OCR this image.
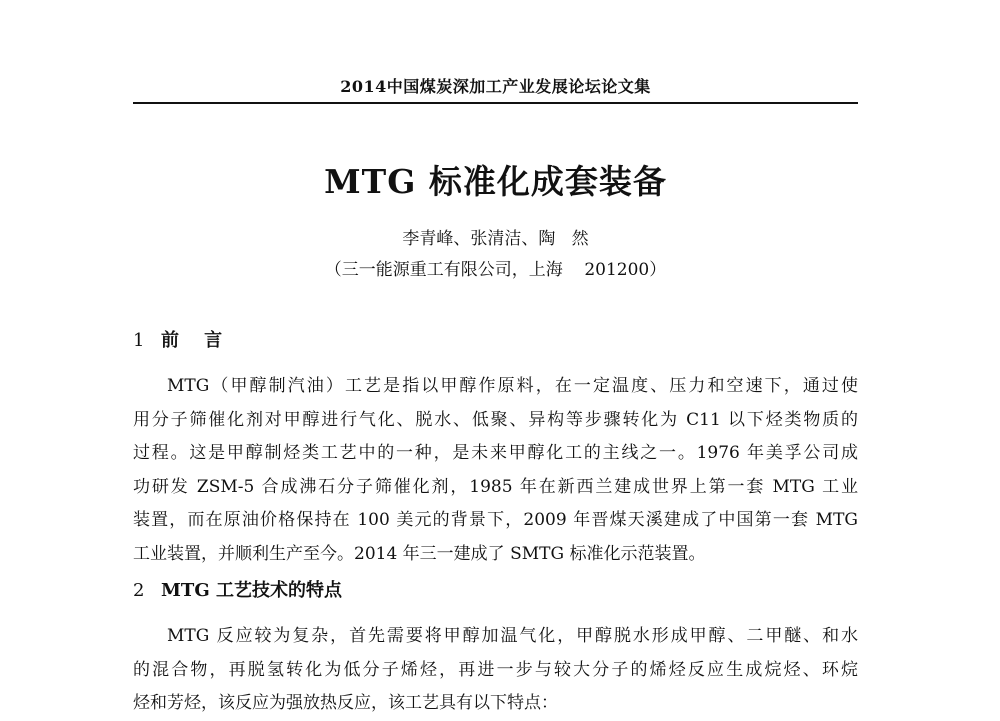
2014中国煤炭深加工产业发展论坛论文集
MTG 标准化成套装备
李青峰、张清洁、陶   然
（三一能源重工有限公司，上海    201200）
1 前    言
MTG（甲醇制汽油）工艺是指以甲醇作原料，在一定温度、压力和空速下，通过使
用分子筛催化剂对甲醇进行气化、脱水、低聚、异构等步骤转化为 C11 以下烃类物质的
过程。这是甲醇制烃类工艺中的一种，是未来甲醇化工的主线之一。1976 年美孚公司成
功研发 ZSM-5 合成沸石分子筛催化剂，1985 年在新西兰建成世界上第一套 MTG 工业
装置，而在原油价格保持在 100 美元的背景下，2009 年晋煤天溪建成了中国第一套 MTG
工业装置，并顺利生产至今。2014 年三一建成了 SMTG 标准化示范装置。
2 MTG 工艺技术的特点
MTG 反应较为复杂，首先需要将甲醇加温气化，甲醇脱水形成甲醇、二甲醚、和水
的混合物，再脱氢转化为低分子烯烃，再进一步与较大分子的烯烃反应生成烷烃、环烷
烃和芳烃，该反应为强放热反应，该工艺具有以下特点：
